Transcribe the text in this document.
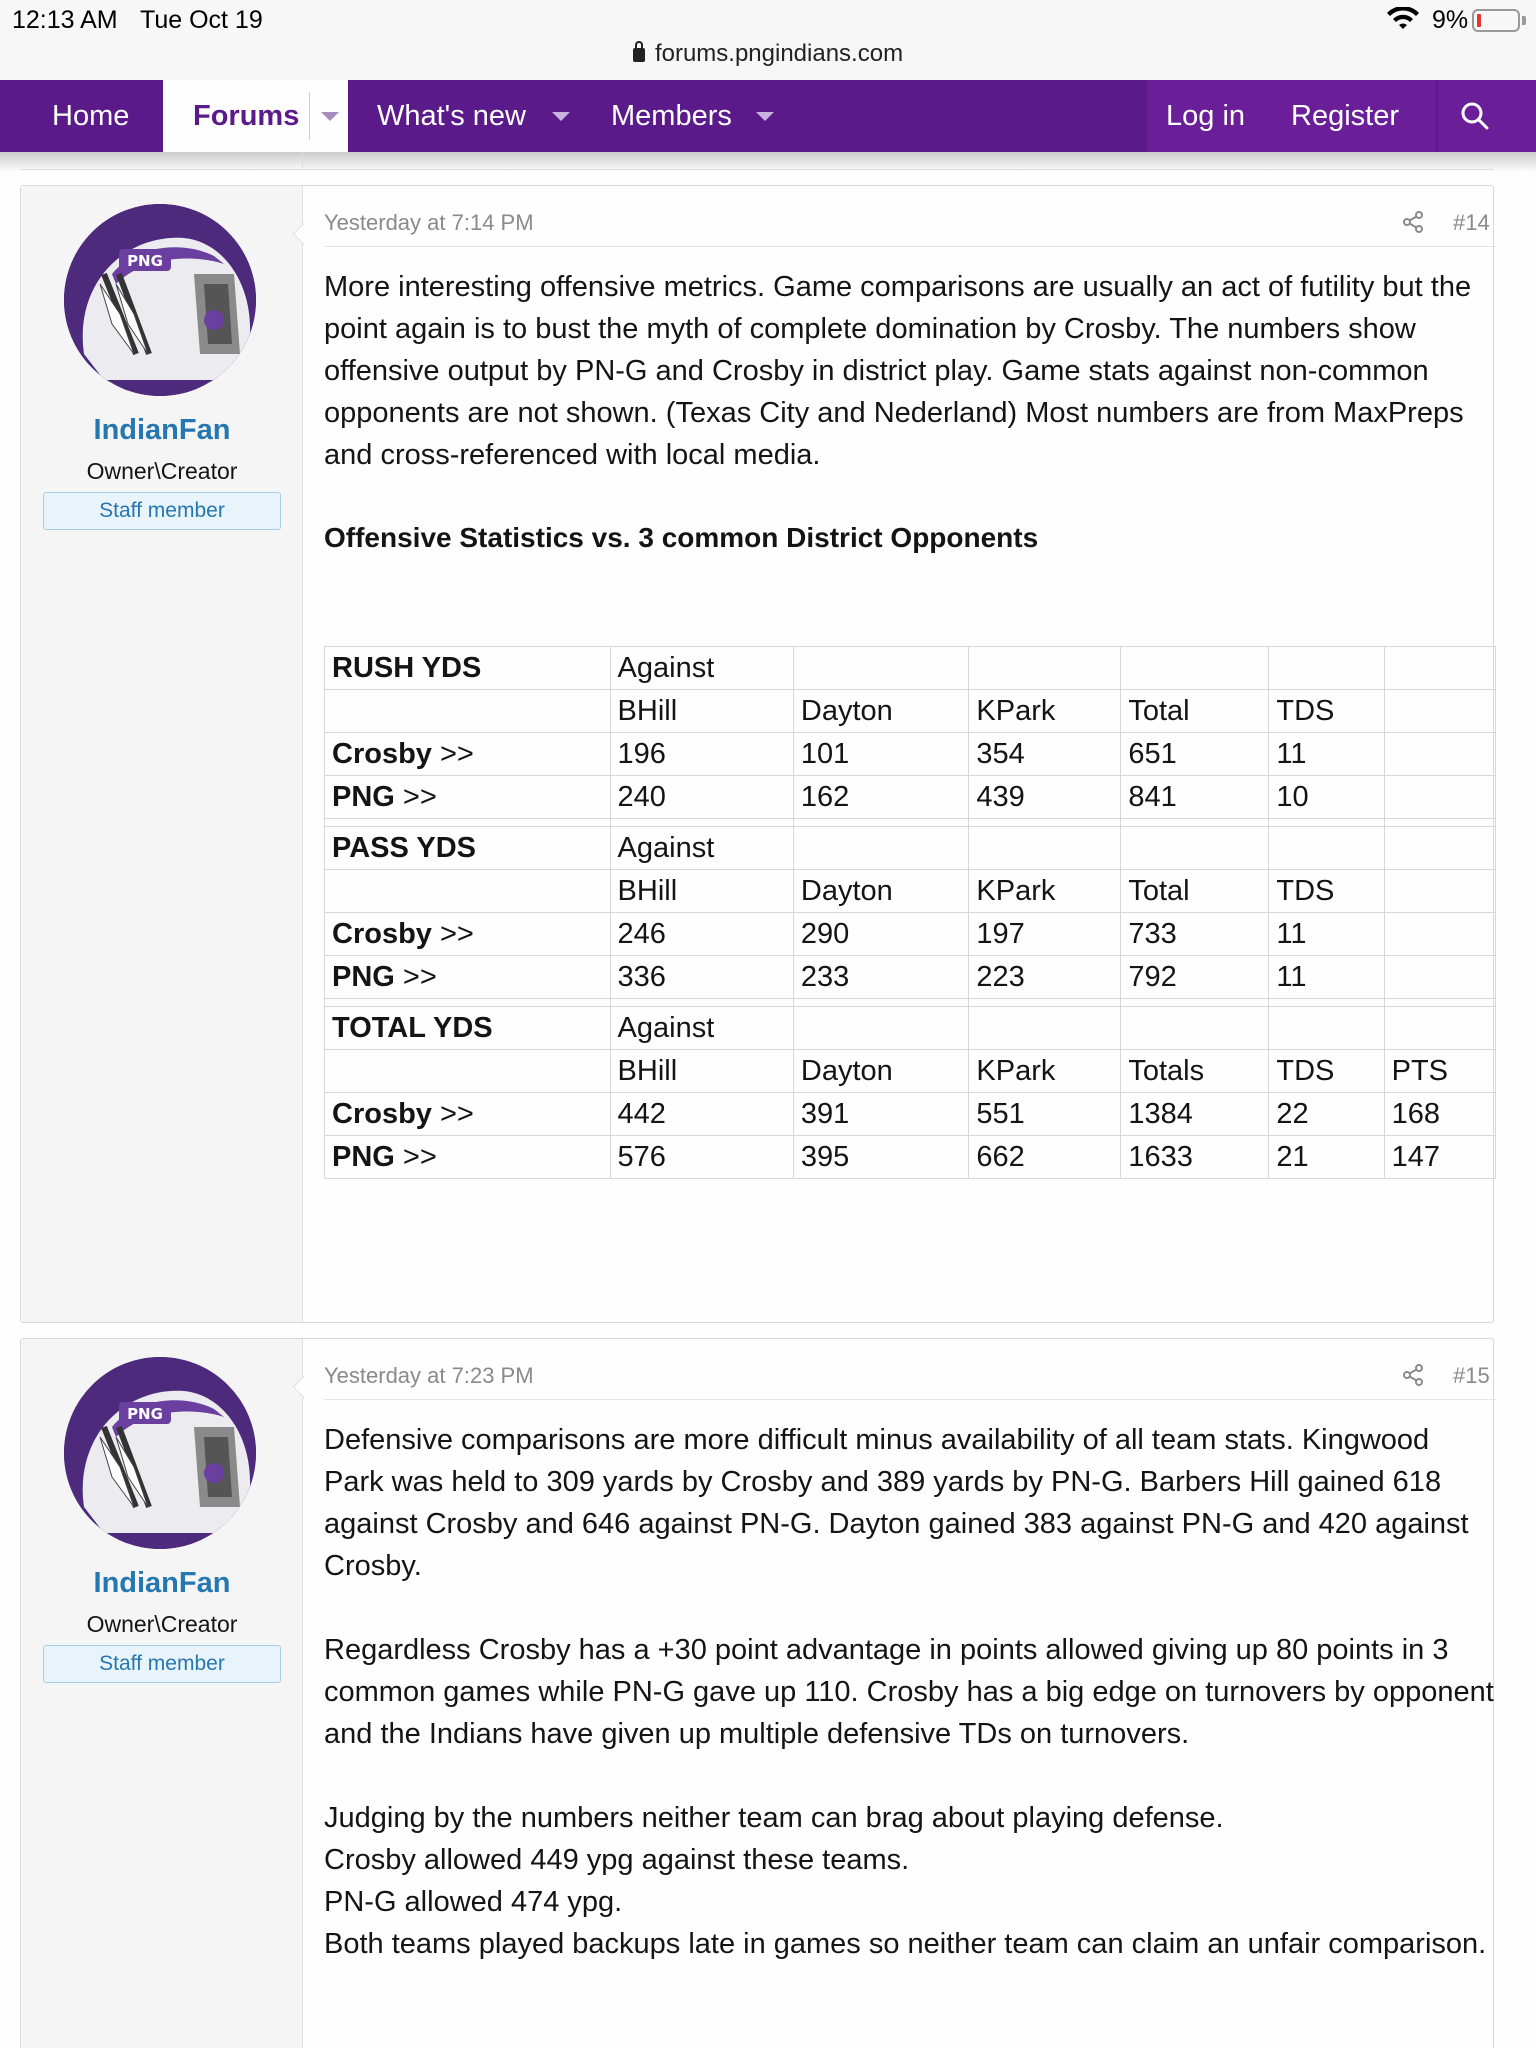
12:13 AM Tue Oct 19	9%
forums.pngindians.com
Home Forums	What's new	Members	Log in Register
PNG
IndianFan
Owner\Creator
Staff member
Yesterday at 7:14 PM	#14
More interesting offensive metrics. Game comparisons are usually an act of futility but the point again is to bust the myth of complete domination by Crosby. The numbers show offensive output by PN-G and Crosby in district play. Game stats against non-common opponents are not shown. (Texas City and Nederland) Most numbers are from MaxPreps and cross-referenced with local media.
Offensive Statistics vs. 3 common District Opponents
RUSH YDS	Against					
	BHill	Dayton	KPark	Total	TDS	
Crosby >>	196	101	354	651	11	
PNG >>	240	162	439	841	10	

PASS YDS	Against					
	BHill	Dayton	KPark	Total	TDS	
Crosby >>	246	290	197	733	11	
PNG >>	336	233	223	792	11	

TOTAL YDS	Against					
	BHill	Dayton	KPark	Totals	TDS	PTS
Crosby >>	442	391	551	1384	22	168
PNG >>	576	395	662	1633	21	147
PNG
IndianFan
Owner\Creator
Staff member
Yesterday at 7:23 PM	#15

Defensive comparisons are more difficult minus availability of all team stats. Kingwood Park was held to 309 yards by Crosby and 389 yards by PN-G. Barbers Hill gained 618 against Crosby and 646 against PN-G. Dayton gained 383 against PN-G and 420 against Crosby.

Regardless Crosby has a +30 point advantage in points allowed giving up 80 points in 3 common games while PN-G gave up 110. Crosby has a big edge on turnovers by opponent and the Indians have given up multiple defensive TDs on turnovers.

Judging by the numbers neither team can brag about playing defense.

Crosby allowed 449 ypg against these teams.

PN-G allowed 474 ypg.

Both teams played backups late in games so neither team can claim an unfair comparison.
